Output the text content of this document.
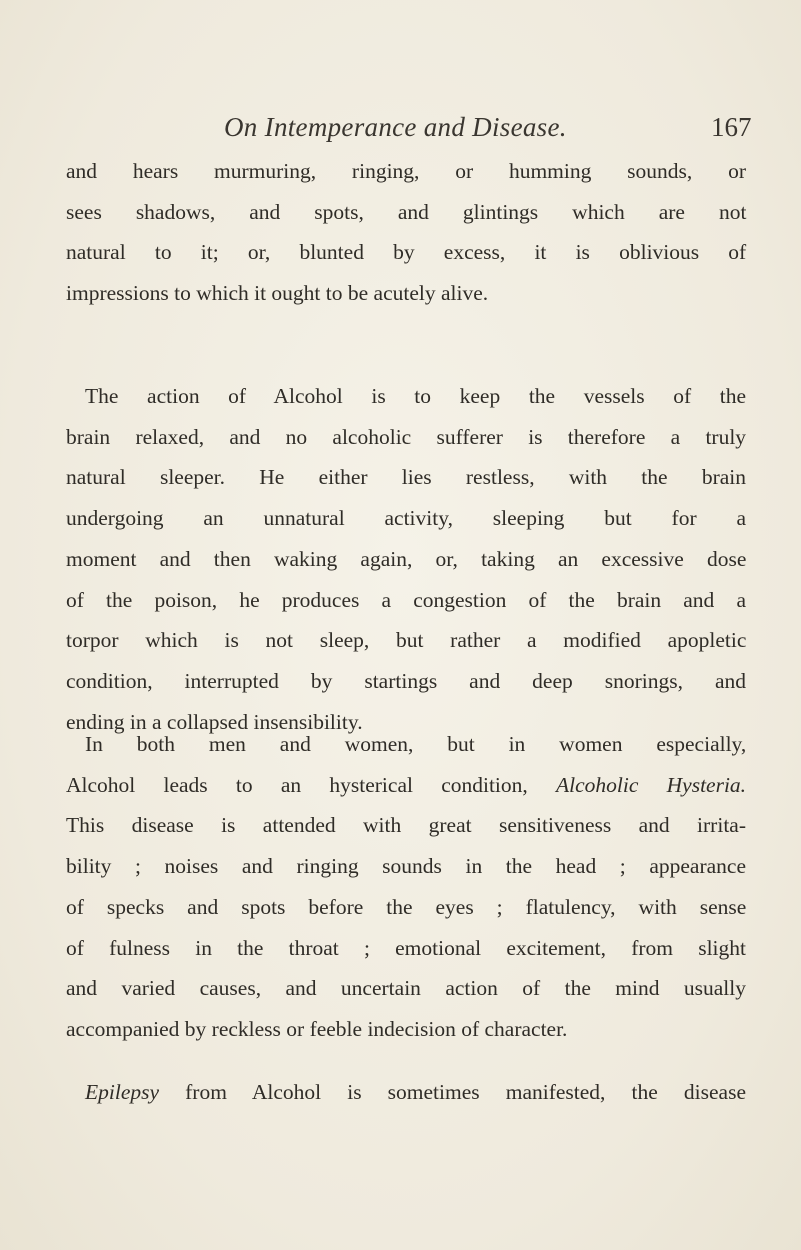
On Intemperance and Disease.	167
and hears murmuring, ringing, or humming sounds, or
sees shadows, and spots, and glintings which are not
natural to it; or, blunted by excess, it is oblivious of
impressions to which it ought to be acutely alive.
The action of Alcohol is to keep the vessels of the
brain relaxed, and no alcoholic sufferer is therefore a truly
natural sleeper. He either lies restless, with the brain
undergoing an unnatural activity, sleeping but for a
moment and then waking again, or, taking an excessive dose
of the poison, he produces a congestion of the brain and a
torpor which is not sleep, but rather a modified apopletic
condition, interrupted by startings and deep snorings, and
ending in a collapsed insensibility.
In both men and women, but in women especially,
Alcohol leads to an hysterical condition, Alcoholic Hysteria.
This disease is attended with great sensitiveness and irrita-
bility ; noises and ringing sounds in the head ; appearance
of specks and spots before the eyes ; flatulency, with sense
of fulness in the throat ; emotional excitement, from slight
and varied causes, and uncertain action of the mind usually
accompanied by reckless or feeble indecision of character.
Epilepsy from Alcohol is sometimes manifested, the disease
